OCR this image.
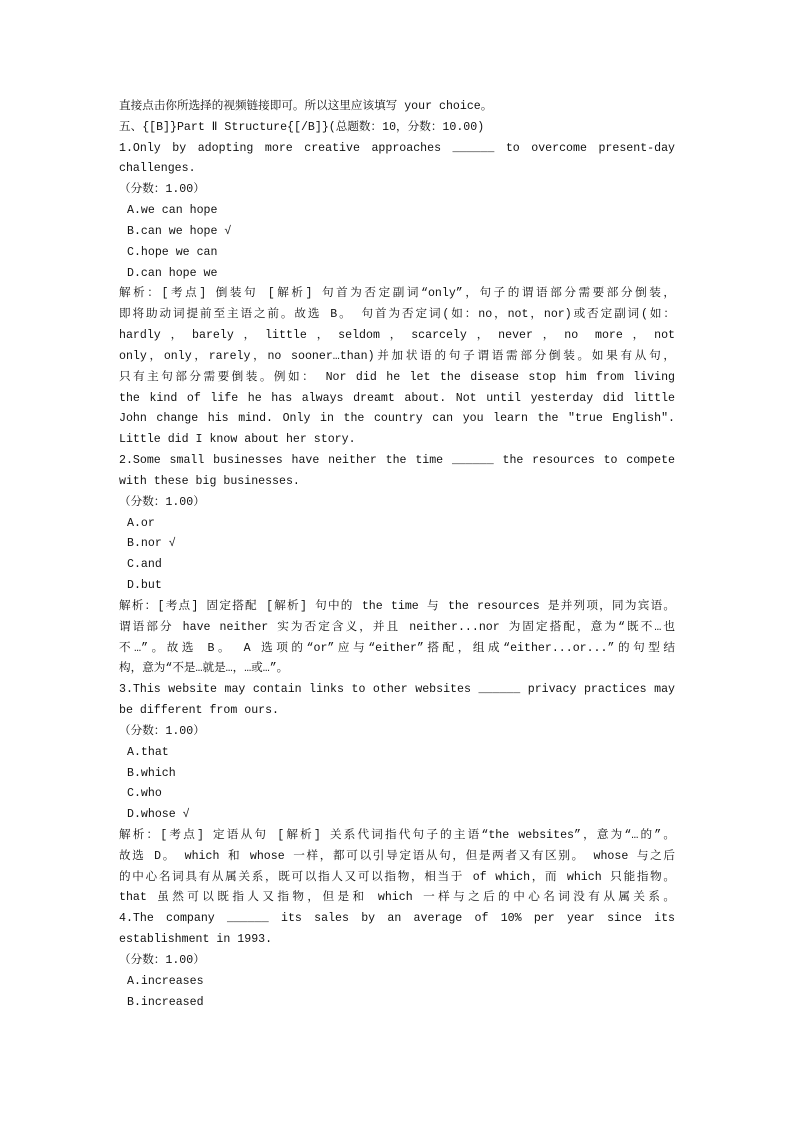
直接点击你所选择的视频链接即可。所以这里应该填写 your choice。
五、{[B]}Part Ⅱ Structure{[/B]}(总题数：10，分数：10.00)
1.Only by adopting more creative approaches ______ to overcome present-day
challenges.
（分数：1.00）
A.we can hope
B.can we hope √
C.hope we can
D.can hope we
解析：[考点] 倒装句 [解析] 句首为否定副词“only”，句子的谓语部分需要部分倒装，
即将助动词提前至主语之前。故选 B。 句首为否定词(如：no，not，nor)或否定副词(如：
hardly，barely，little，seldom，scarcely，never，no more，not
only，only，rarely，no sooner…than)并加状语的句子谓语需部分倒装。如果有从句，
只有主句部分需要倒装。例如： Nor did he let the disease stop him from living
the kind of life he has always dreamt about. Not until yesterday did little
John change his mind. Only in the country can you learn the ″true English″.
Little did I know about her story.
2.Some small businesses have neither the time ______ the resources to compete
with these big businesses.
（分数：1.00）
A.or
B.nor √
C.and
D.but
解析：[考点] 固定搭配 [解析] 句中的 the time 与 the resources 是并列项，同为宾语。
谓语部分 have neither 实为否定含义，并且 neither...nor 为固定搭配，意为“既不…也
不…”。故选 B。 A 选项的“or”应与“either”搭配，组成“either...or...”的句型结
构，意为“不是…就是…，…或…”。
3.This website may contain links to other websites ______ privacy practices may
be different from ours.
（分数：1.00）
A.that
B.which
C.who
D.whose √
解析：[考点] 定语从句 [解析] 关系代词指代句子的主语“the websites”，意为“…的”。
故选 D。 which 和 whose 一样，都可以引导定语从句，但是两者又有区别。 whose 与之后
的中心名词具有从属关系，既可以指人又可以指物，相当于 of which，而 which 只能指物。
that 虽然可以既指人又指物，但是和 which 一样与之后的中心名词没有从属关系。
4.The company ______ its sales by an average of 10% per year since its
establishment in 1993.
（分数：1.00）
A.increases
B.increased
